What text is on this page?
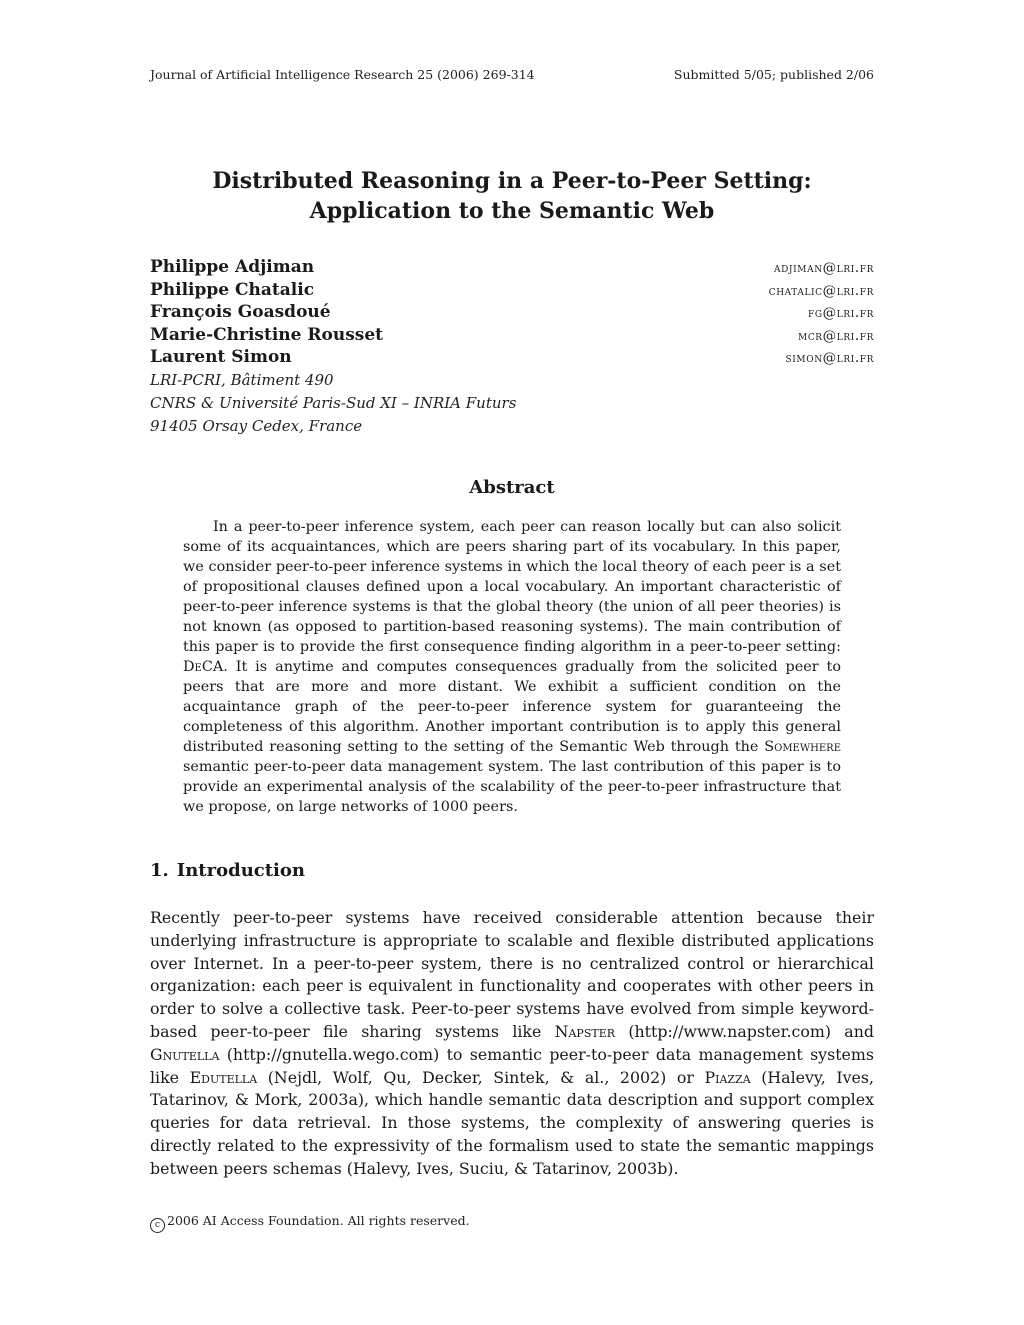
Journal of Artificial Intelligence Research 25 (2006) 269-314	Submitted 5/05; published 2/06
Distributed Reasoning in a Peer-to-Peer Setting:
Application to the Semantic Web
Philippe Adjiman	adjiman@lri.fr
Philippe Chatalic	chatalic@lri.fr
François Goasdoué	fg@lri.fr
Marie-Christine Rousset	mcr@lri.fr
Laurent Simon	simon@lri.fr
LRI-PCRI, Bâtiment 490
CNRS & Université Paris-Sud XI – INRIA Futurs
91405 Orsay Cedex, France
Abstract

In a peer-to-peer inference system, each peer can reason locally but can also solicit some of its acquaintances, which are peers sharing part of its vocabulary. In this paper, we consider peer-to-peer inference systems in which the local theory of each peer is a set of propositional clauses defined upon a local vocabulary. An important characteristic of peer-to-peer inference systems is that the global theory (the union of all peer theories) is not known (as opposed to partition-based reasoning systems). The main contribution of this paper is to provide the first consequence finding algorithm in a peer-to-peer setting: DeCA. It is anytime and computes consequences gradually from the solicited peer to peers that are more and more distant. We exhibit a sufficient condition on the acquaintance graph of the peer-to-peer inference system for guaranteeing the completeness of this algorithm. Another important contribution is to apply this general distributed reasoning setting to the setting of the Semantic Web through the Somewhere semantic peer-to-peer data management system. The last contribution of this paper is to provide an experimental analysis of the scalability of the peer-to-peer infrastructure that we propose, on large networks of 1000 peers.

1. Introduction

Recently peer-to-peer systems have received considerable attention because their underlying infrastructure is appropriate to scalable and flexible distributed applications over Internet. In a peer-to-peer system, there is no centralized control or hierarchical organization: each peer is equivalent in functionality and cooperates with other peers in order to solve a collective task. Peer-to-peer systems have evolved from simple keyword-based peer-to-peer file sharing systems like Napster (http://www.napster.com) and Gnutella (http://gnutella.wego.com) to semantic peer-to-peer data management systems like Edutella (Nejdl, Wolf, Qu, Decker, Sintek, & al., 2002) or Piazza (Halevy, Ives, Tatarinov, & Mork, 2003a), which handle semantic data description and support complex queries for data retrieval. In those systems, the complexity of answering queries is directly related to the expressivity of the formalism used to state the semantic mappings between peers schemas (Halevy, Ives, Suciu, & Tatarinov, 2003b).

c 2006 AI Access Foundation. All rights reserved.
